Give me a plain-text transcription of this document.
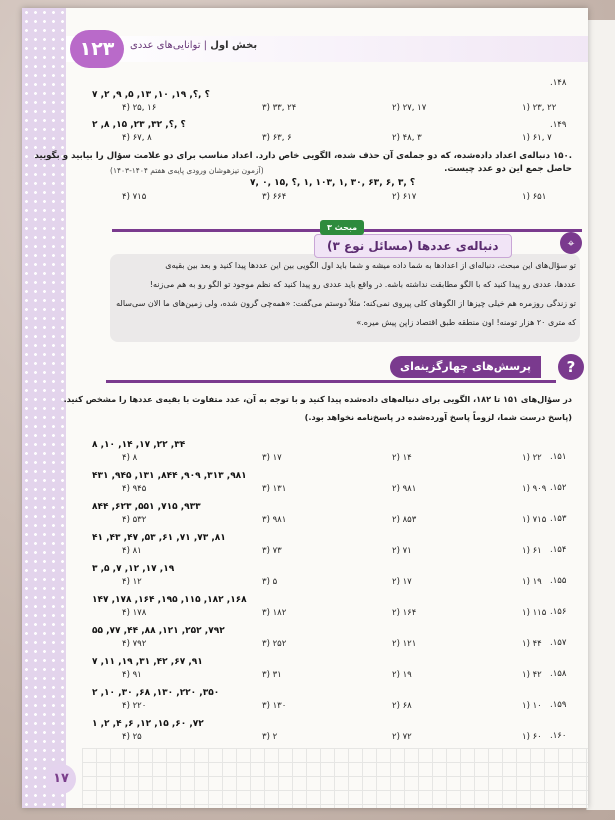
۱۲۳	بخش اول | توانایی‌های عددی
.۱۴۸
۷ ,۲ ,۹ ,۵ ,۱۳ ,۱۰ ,۱۹ ,؟ ,؟
۲۲ ,۲۳ (۱
۱۷ ,۲۷ (۲
۲۴ ,۳۳ (۳
۱۶ ,۲۵ (۴
.۱۴۹
۲ ,۸ ,۱۵ ,۲۳ ,۳۲ ,؟ ,؟
۷ ,۶۱ (۱
۳ ,۴۸ (۲
۶ ,۶۳ (۳
۸ ,۶۷ (۴
.۱۵۰ دنباله‌ی اعداد داده‌شده، که دو جمله‌ی آن حذف شده، الگویی خاص دارد. اعداد مناسب برای دو علامت سؤال را بیابید و بگویید
حاصل جمع این دو عدد چیست.
(آزمون تیزهوشان ورودی پایه‌ی هفتم ۱۴۰۴-۱۴۰۳)
؟ ,۳ ,۶ ,۶۳ ,۳۰ ,۱ ,۱۰۳ ,۱ ,؟ ,۱۵ ,۰ ,۷
۶۵۱ (۱
۶۱۷ (۲
۶۶۴ (۳
۷۱۵ (۴
دنباله‌ی عددها (مسائل نوع ۳)
مبحث ۳
⌖
تو سؤال‌های این مبحث، دنباله‌ای از اعدادها به شما داده میشه و شما باید اول الگویی بین این عددها پیدا کنید و بعد بین بقیه‌ی
عددها، عددی رو پیدا کنید که با الگو مطابقت نداشته باشه. در واقع باید عددی رو پیدا کنید که نظم موجود تو الگو رو به هم می‌زنه!
تو زندگی روزمره هم خیلی چیزها از الگوهای کلی پیروی نمی‌کنه؛ مثلاً دوستم می‌گفت: «همه‌چی گرون شده، ولی زمین‌های ما الان سی‌ساله
که متری ۲۰ هزار تومنه! اون منطقه طبق اقتصاد زاپن پیش میره.»
پرسش‌های چهارگزینه‌ای	?
در سؤال‌های ۱۵۱ تا ۱۸۲، الگویی برای دنباله‌های داده‌شده پیدا کنید و با توجه به آن، عدد متفاوت با بقیه‌ی عددها را مشخص کنید.
(پاسخ درست شما، لزوماً پاسخ آورده‌شده در پاسخ‌نامه نخواهد بود.)
.۱۵۱
۸ ,۱۰ ,۱۴ ,۱۷ ,۲۲ ,۳۴
۲۲ (۱
۱۴ (۲
۱۷ (۳
۸ (۴
.۱۵۲
۴۳۱ ,۹۴۵ ,۱۳۱ ,۸۴۴ ,۹۰۹ ,۳۱۳ ,۹۸۱
۹۰۹ (۱
۹۸۱ (۲
۱۳۱ (۳
۹۴۵ (۴
.۱۵۳
۸۴۴ ,۶۲۳ ,۵۵۱ ,۷۱۵ ,۹۳۳
۷۱۵ (۱
۸۵۳ (۲
۹۸۱ (۳
۵۳۲ (۴
.۱۵۴
۴۱ ,۴۳ ,۴۷ ,۵۳ ,۶۱ ,۷۱ ,۷۳ ,۸۱
۶۱ (۱
۷۱ (۲
۷۳ (۳
۸۱ (۴
.۱۵۵
۳ ,۵ ,۷ ,۱۲ ,۱۷ ,۱۹
۱۹ (۱
۱۷ (۲
۵ (۳
۱۲ (۴
.۱۵۶
۱۴۷ ,۱۷۸ ,۱۶۴ ,۱۹۵ ,۱۱۵ ,۱۸۲ ,۱۶۸
۱۱۵ (۱
۱۶۴ (۲
۱۸۲ (۳
۱۷۸ (۴
.۱۵۷
۵۵ ,۷۷ ,۴۴ ,۸۸ ,۱۲۱ ,۲۵۲ ,۷۹۲
۴۴ (۱
۱۲۱ (۲
۲۵۲ (۳
۷۹۲ (۴
.۱۵۸
۷ ,۱۱ ,۱۹ ,۳۱ ,۴۲ ,۶۷ ,۹۱
۴۲ (۱
۱۹ (۲
۳۱ (۳
۹۱ (۴
.۱۵۹
۲ ,۱۰ ,۳۰ ,۶۸ ,۱۳۰ ,۲۲۰ ,۳۵۰
۱۰ (۱
۶۸ (۲
۱۳۰ (۳
۲۲۰ (۴
.۱۶۰
۱ ,۲ ,۴ ,۶ ,۱۲ ,۱۵ ,۶۰ ,۷۲
۶۰ (۱
۷۲ (۲
۲ (۳
۲۵ (۴
۱۷
